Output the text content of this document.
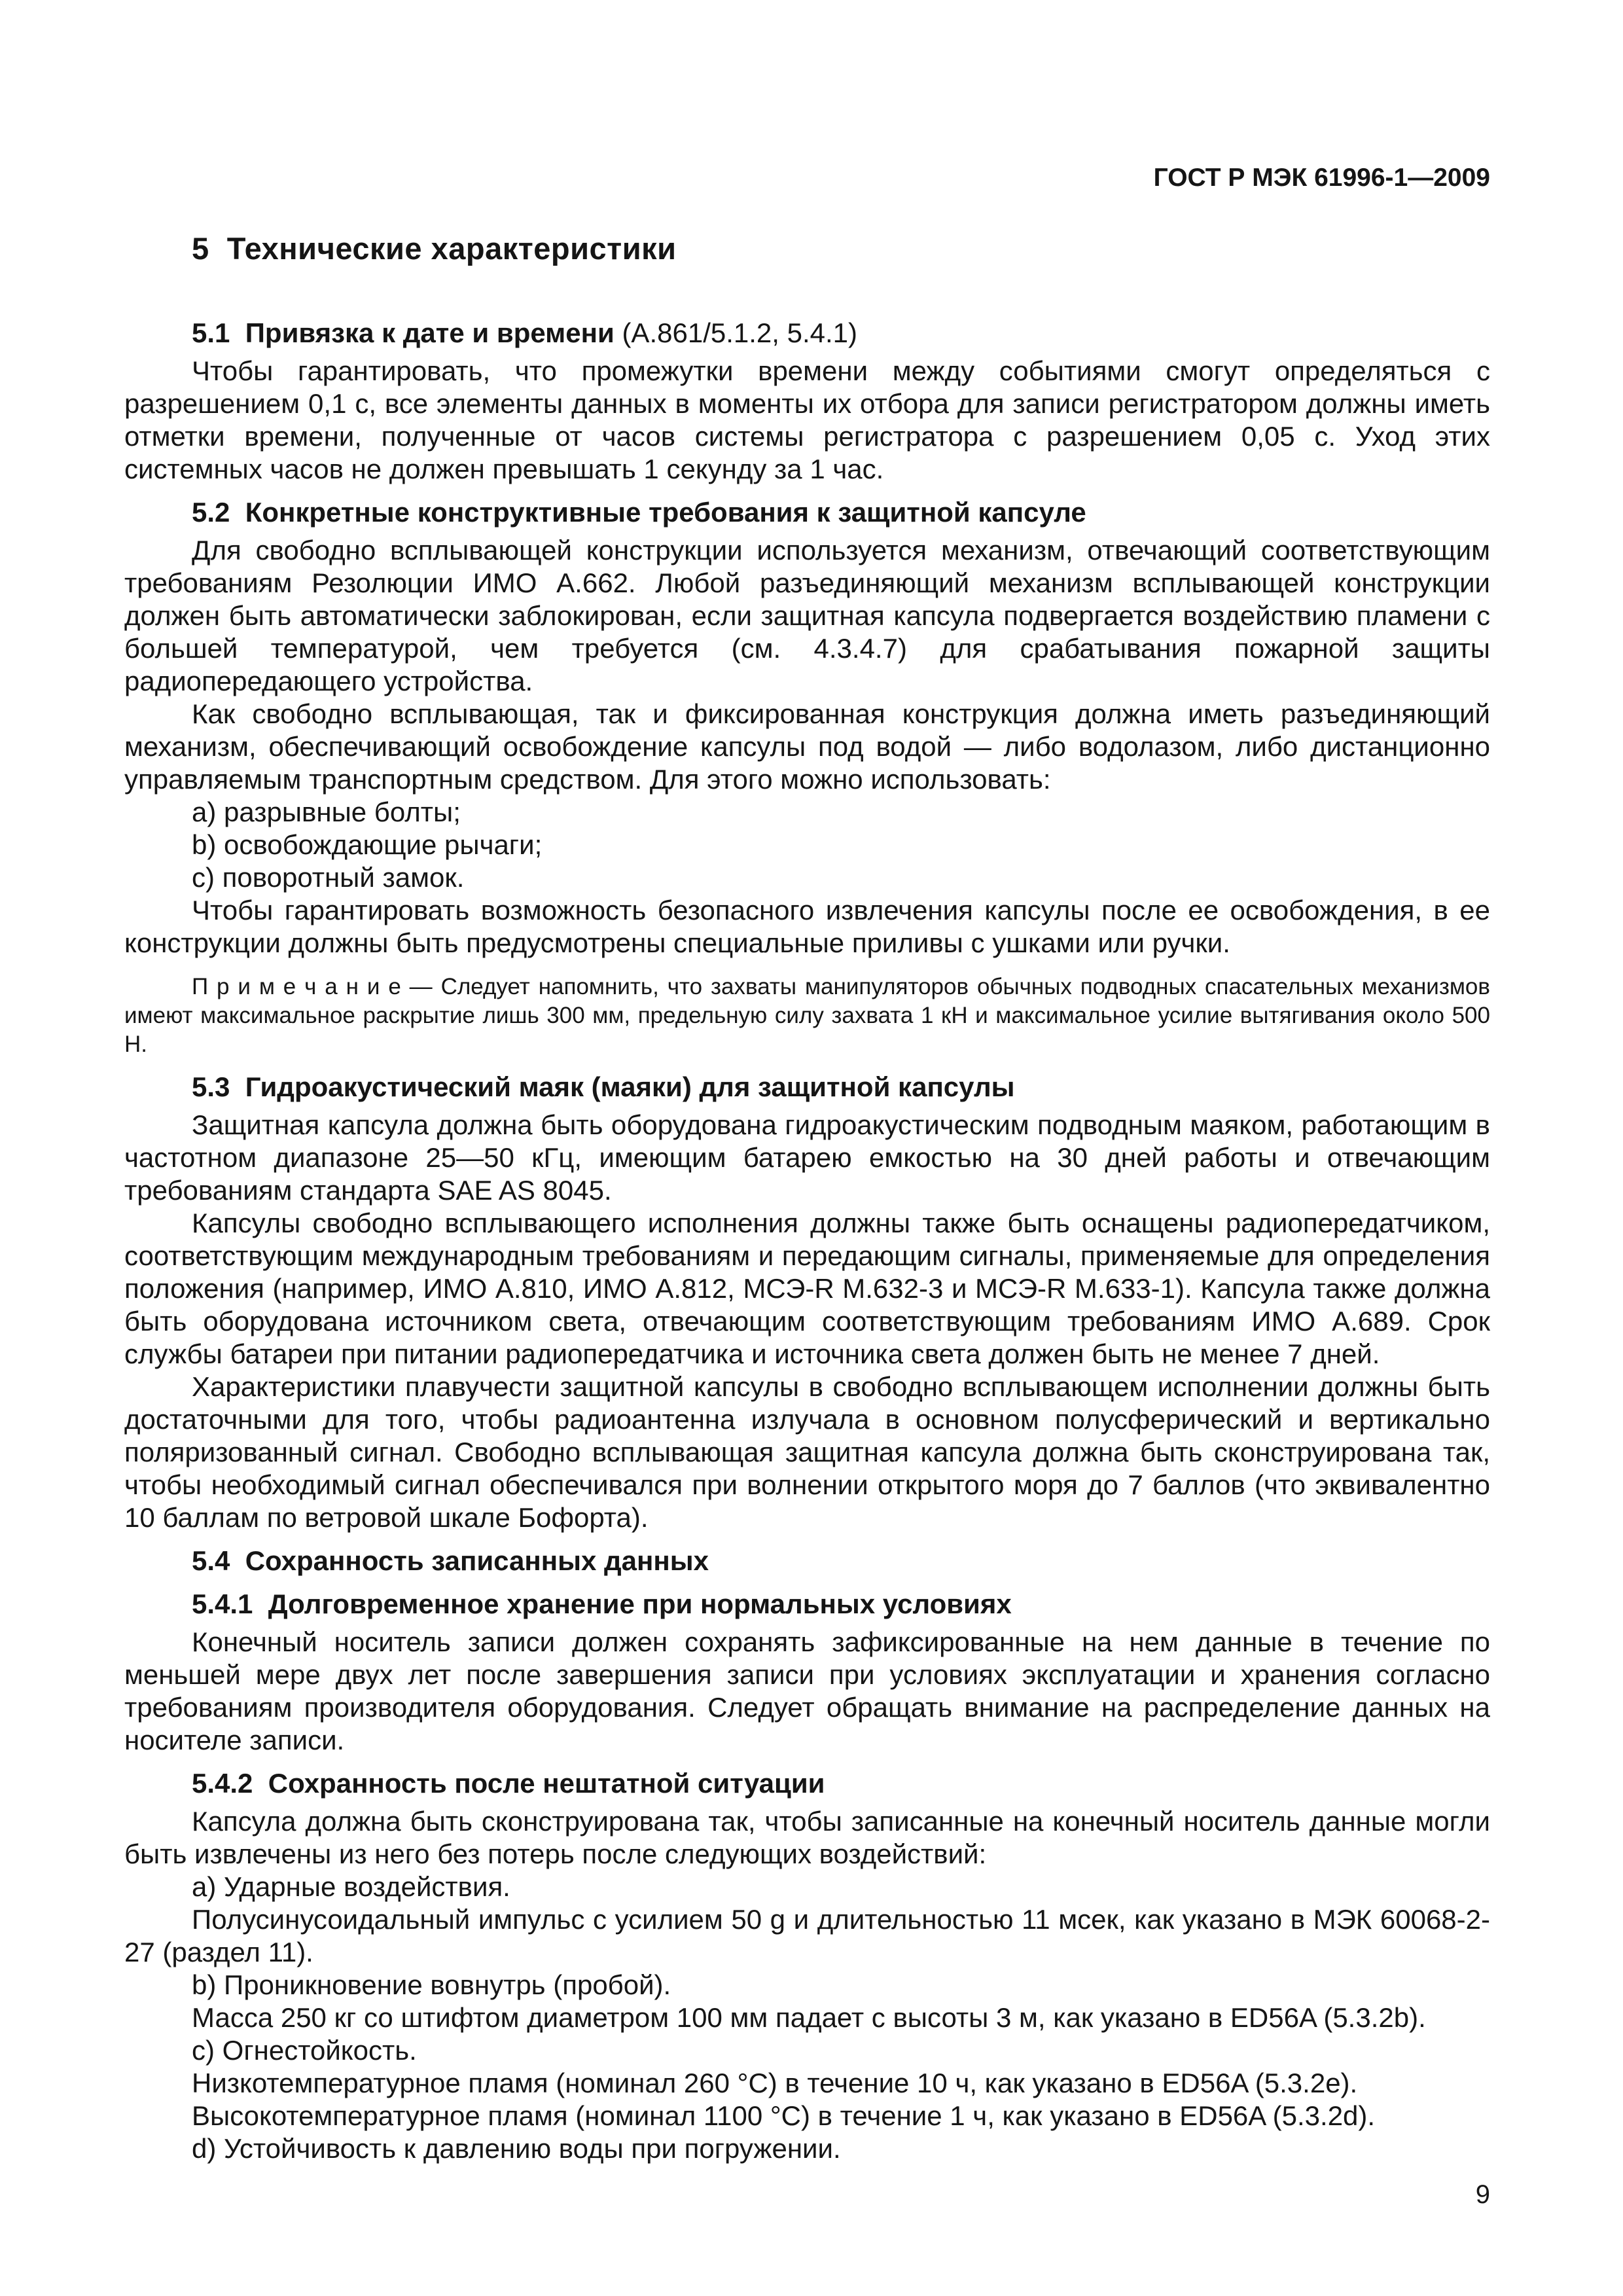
ГОСТ Р МЭК 61996-1—2009
5  Технические характеристики

5.1  Привязка к дате и времени (А.861/5.1.2, 5.4.1)

Чтобы гарантировать, что промежутки времени между событиями смогут определяться с разрешением 0,1 с, все элементы данных в моменты их отбора для записи регистратором должны иметь отметки времени, полученные от часов системы регистратора с разрешением 0,05 с. Уход этих системных часов не должен превышать 1 секунду за 1 час.

5.2  Конкретные конструктивные требования к защитной капсуле

Для свободно всплывающей конструкции используется механизм, отвечающий соответствующим требованиям Резолюции ИМО А.662. Любой разъединяющий механизм всплывающей конструкции должен быть автоматически заблокирован, если защитная капсула подвергается воздействию пламени с большей температурой, чем требуется (см. 4.3.4.7) для срабатывания пожарной защиты радиопередающего устройства.

Как свободно всплывающая, так и фиксированная конструкция должна иметь разъединяющий механизм, обеспечивающий освобождение капсулы под водой — либо водолазом, либо дистанционно управляемым транспортным средством. Для этого можно использовать:

a) разрывные болты;

b) освобождающие рычаги;

c) поворотный замок.

Чтобы гарантировать возможность безопасного извлечения капсулы после ее освобождения, в ее конструкции должны быть предусмотрены специальные приливы с ушками или ручки.

П р и м е ч а н и е — Следует напомнить, что захваты манипуляторов обычных подводных спасательных механизмов имеют максимальное раскрытие лишь 300 мм, предельную силу захвата 1 кН и максимальное усилие вытягивания около 500 Н.

5.3  Гидроакустический маяк (маяки) для защитной капсулы

Защитная капсула должна быть оборудована гидроакустическим подводным маяком, работающим в частотном диапазоне 25—50 кГц, имеющим батарею емкостью на 30 дней работы и отвечающим требованиям стандарта SAE AS 8045.

Капсулы свободно всплывающего исполнения должны также быть оснащены радиопередатчиком, соответствующим международным требованиям и передающим сигналы, применяемые для определения положения (например, ИМО А.810, ИМО А.812, МСЭ-R М.632-3 и МСЭ-R М.633-1). Капсула также должна быть оборудована источником света, отвечающим соответствующим требованиям ИМО А.689. Срок службы батареи при питании радиопередатчика и источника света должен быть не менее 7 дней.

Характеристики плавучести защитной капсулы в свободно всплывающем исполнении должны быть достаточными для того, чтобы радиоантенна излучала в основном полусферический и вертикально поляризованный сигнал. Свободно всплывающая защитная капсула должна быть сконструирована так, чтобы необходимый сигнал обеспечивался при волнении открытого моря до 7 баллов (что эквивалентно 10 баллам по ветровой шкале Бофорта).

5.4  Сохранность записанных данных

5.4.1  Долговременное хранение при нормальных условиях

Конечный носитель записи должен сохранять зафиксированные на нем данные в течение по меньшей мере двух лет после завершения записи при условиях эксплуатации и хранения согласно требованиям производителя оборудования. Следует обращать внимание на распределение данных на носителе записи.

5.4.2  Сохранность после нештатной ситуации

Капсула должна быть сконструирована так, чтобы записанные на конечный носитель данные могли быть извлечены из него без потерь после следующих воздействий:

a) Ударные воздействия.

Полусинусоидальный импульс с усилием 50 g и длительностью 11 мсек, как указано в МЭК 60068-2-27 (раздел 11).

b) Проникновение вовнутрь (пробой).

Масса 250 кг со штифтом диаметром 100 мм падает с высоты 3 м, как указано в ED56A (5.3.2b).

c) Огнестойкость.

Низкотемпературное пламя (номинал 260 °С) в течение 10 ч, как указано в ED56A (5.3.2e).

Высокотемпературное пламя (номинал 1100 °С) в течение 1 ч, как указано в ED56A (5.3.2d).

d) Устойчивость к давлению воды при погружении.

9
